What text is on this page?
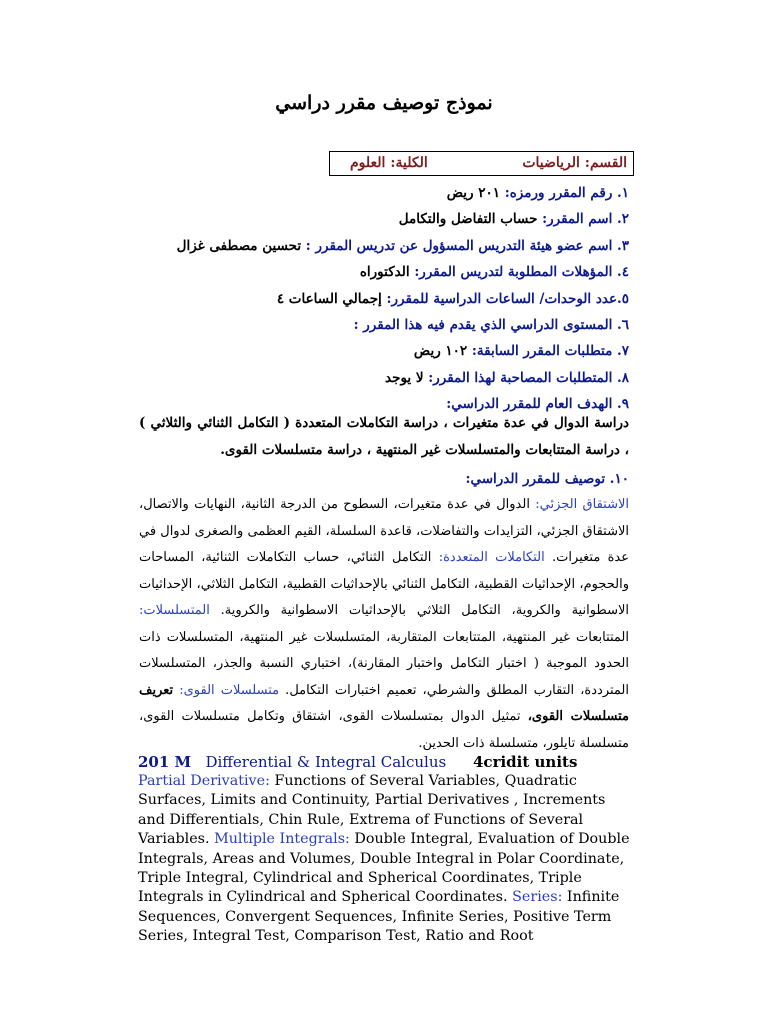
نموذج توصيف مقرر دراسي
القسم: الرياضيات
الكلية: العلوم
١. رقم المقرر ورمزه: ٢٠١ ريض
٢. اسم المقرر: حساب التفاضل والتكامل
٣. اسم عضو هيئة التدريس المسؤول عن تدريس المقرر : تحسين مصطفى غزال
٤. المؤهلات المطلوبة لتدريس المقرر: الدكتوراه
٥.عدد الوحدات/ الساعات الدراسية للمقرر: إجمالي الساعات ٤
٦. المستوى الدراسي الذي يقدم فيه هذا المقرر :
٧. متطلبات المقرر السابقة: ١٠٢ ريض
٨. المتطلبات المصاحبة لهذا المقرر: لا يوجد
٩. الهدف العام للمقرر الدراسي:
دراسة الدوال في عدة متغيرات ، دراسة التكاملات المتعددة ( التكامل الثنائي والثلاثي ) ، دراسة المتتابعات والمتسلسلات غير المنتهية ، دراسة متسلسلات القوى.
١٠. توصيف للمقرر الدراسي:
الاشتقاق الجزئي: الدوال في عدة متغيرات، السطوح من الدرجة الثانية، النهايات والاتصال، الاشتقاق الجزئي، التزايدات والتفاضلات، قاعدة السلسلة، القيم العظمى والصغرى لدوال في عدة متغيرات. التكاملات المتعددة: التكامل الثنائي، حساب التكاملات الثنائية، المساحات والحجوم، الإحداثيات القطبية، التكامل الثنائي بالإحداثيات القطبية، التكامل الثلاثي، الإحداثيات الاسطوانية والكروية، التكامل الثلاثي بالإحداثيات الاسطوانية والكروية. المتسلسلات: المتتابعات غير المنتهية، المتتابعات المتقاربة، المتسلسلات غير المنتهية، المتسلسلات ذات الحدود الموجبة ( اختبار التكامل واختبار المقارنة)، اختباري النسبة والجذر، المتسلسلات المترددة، التقارب المطلق والشرطي، تعميم اختبارات التكامل. متسلسلات القوى: تعريف متسلسلات القوى، تمثيل الدوال بمتسلسلات القوى، اشتقاق وتكامل متسلسلات القوى، متسلسلة تايلور، متسلسلة ذات الحدين.
201 M Differential & Integral Calculus 4cridit units
Partial Derivative: Functions of Several Variables, Quadratic Surfaces, Limits and Continuity, Partial Derivatives , Increments and Differentials, Chin Rule, Extrema of Functions of Several Variables. Multiple Integrals: Double Integral, Evaluation of Double Integrals, Areas and Volumes, Double Integral in Polar Coordinate, Triple Integral, Cylindrical and Spherical Coordinates, Triple Integrals in Cylindrical and Spherical Coordinates. Series: Infinite Sequences, Convergent Sequences, Infinite Series, Positive Term Series, Integral Test, Comparison Test, Ratio and Root
